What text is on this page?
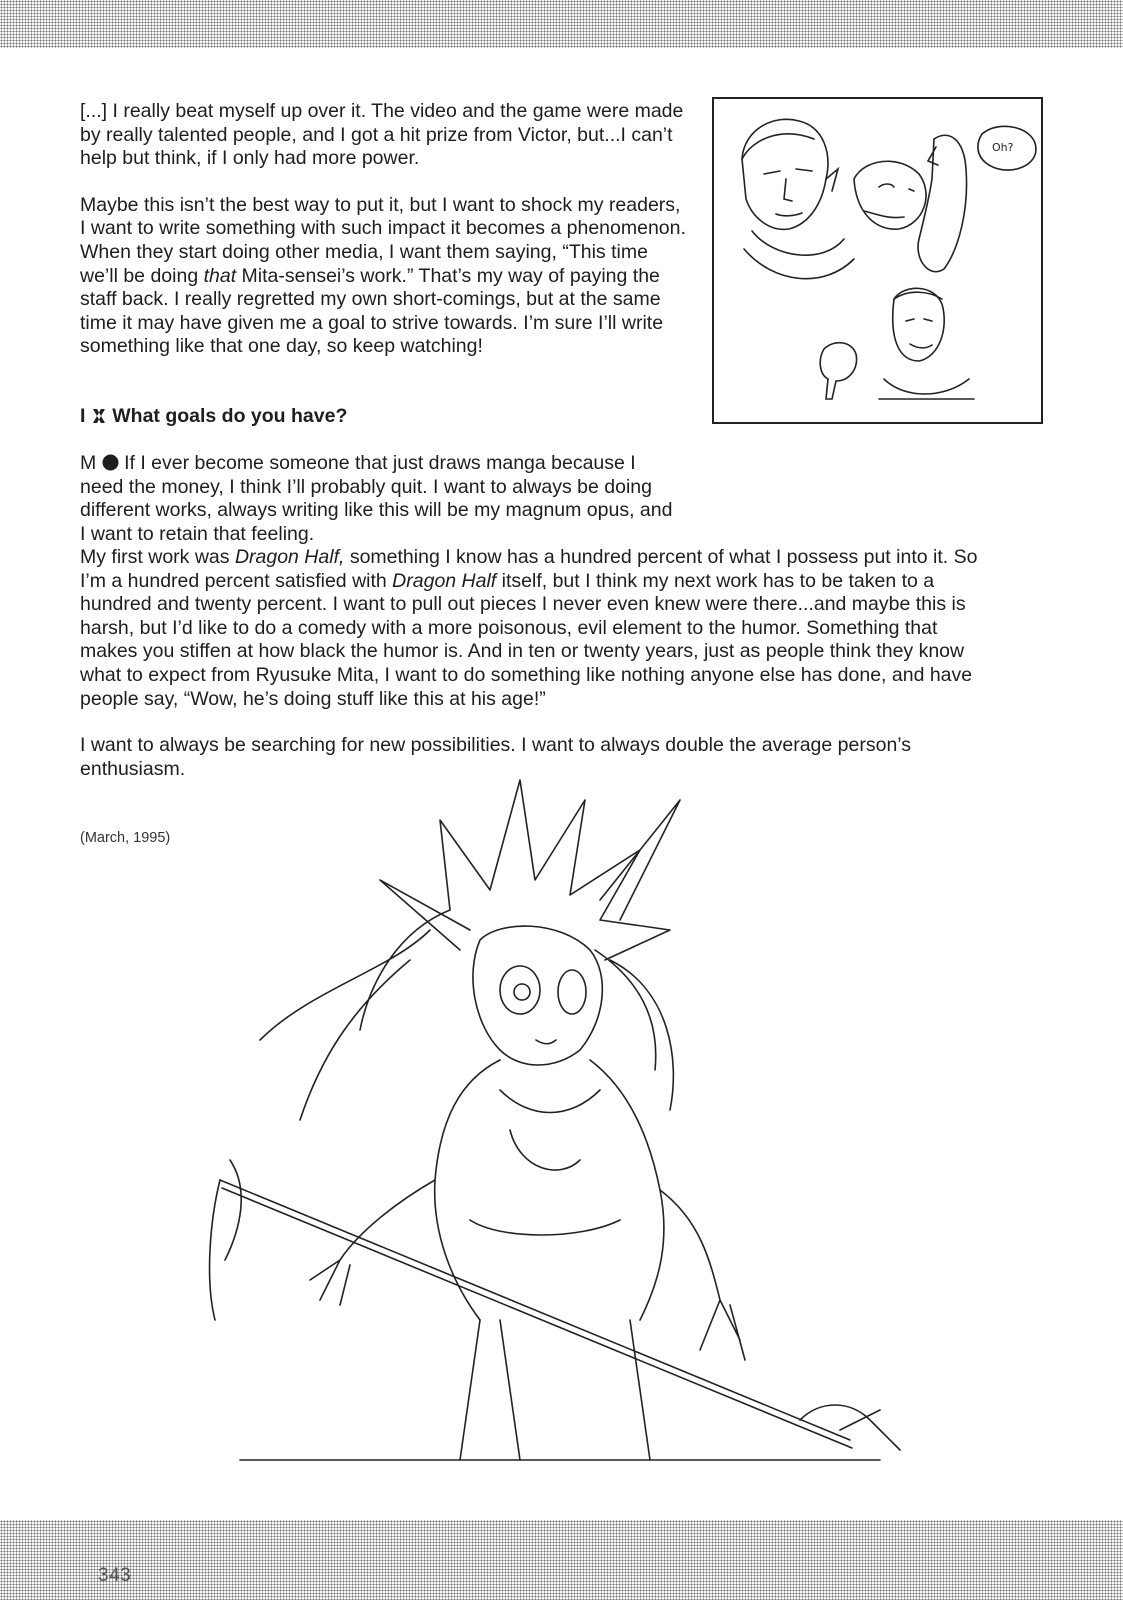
[...] I really beat myself up over it. The video and the game were made by really talented people, and I got a hit prize from Victor, but...I can’t help but think, if I only had more power.

Maybe this isn’t the best way to put it, but I want to shock my readers, I want to write something with such impact it becomes a phenomenon. When they start doing other media, I want them saying, “This time we’ll be doing that Mita-sensei’s work.” That’s my way of paying the staff back. I really regretted my own short-comings, but at the same time it may have given me a goal to strive towards. I’m sure I’ll write something like that one day, so keep watching!

I What goals do you have?
M If I ever become someone that just draws manga because I need the money, I think I’ll probably quit. I want to always be doing different works, always writing like this will be my magnum opus, and I want to retain that feeling.

My first work was Dragon Half, something I know has a hundred percent of what I possess put into it. So I’m a hundred percent satisfied with Dragon Half itself, but I think my next work has to be taken to a hundred and twenty percent. I want to pull out pieces I never even knew were there...and maybe this is harsh, but I’d like to do a comedy with a more poisonous, evil element to the humor. Something that makes you stiffen at how black the humor is. And in ten or twenty years, just as people think they know what to expect from Ryusuke Mita, I want to do something like nothing anyone else has done, and have people say, “Wow, he’s doing stuff like this at his age!”

I want to always be searching for new possibilities. I want to always double the average person’s enthusiasm.

(March, 1995)
Oh?
343
